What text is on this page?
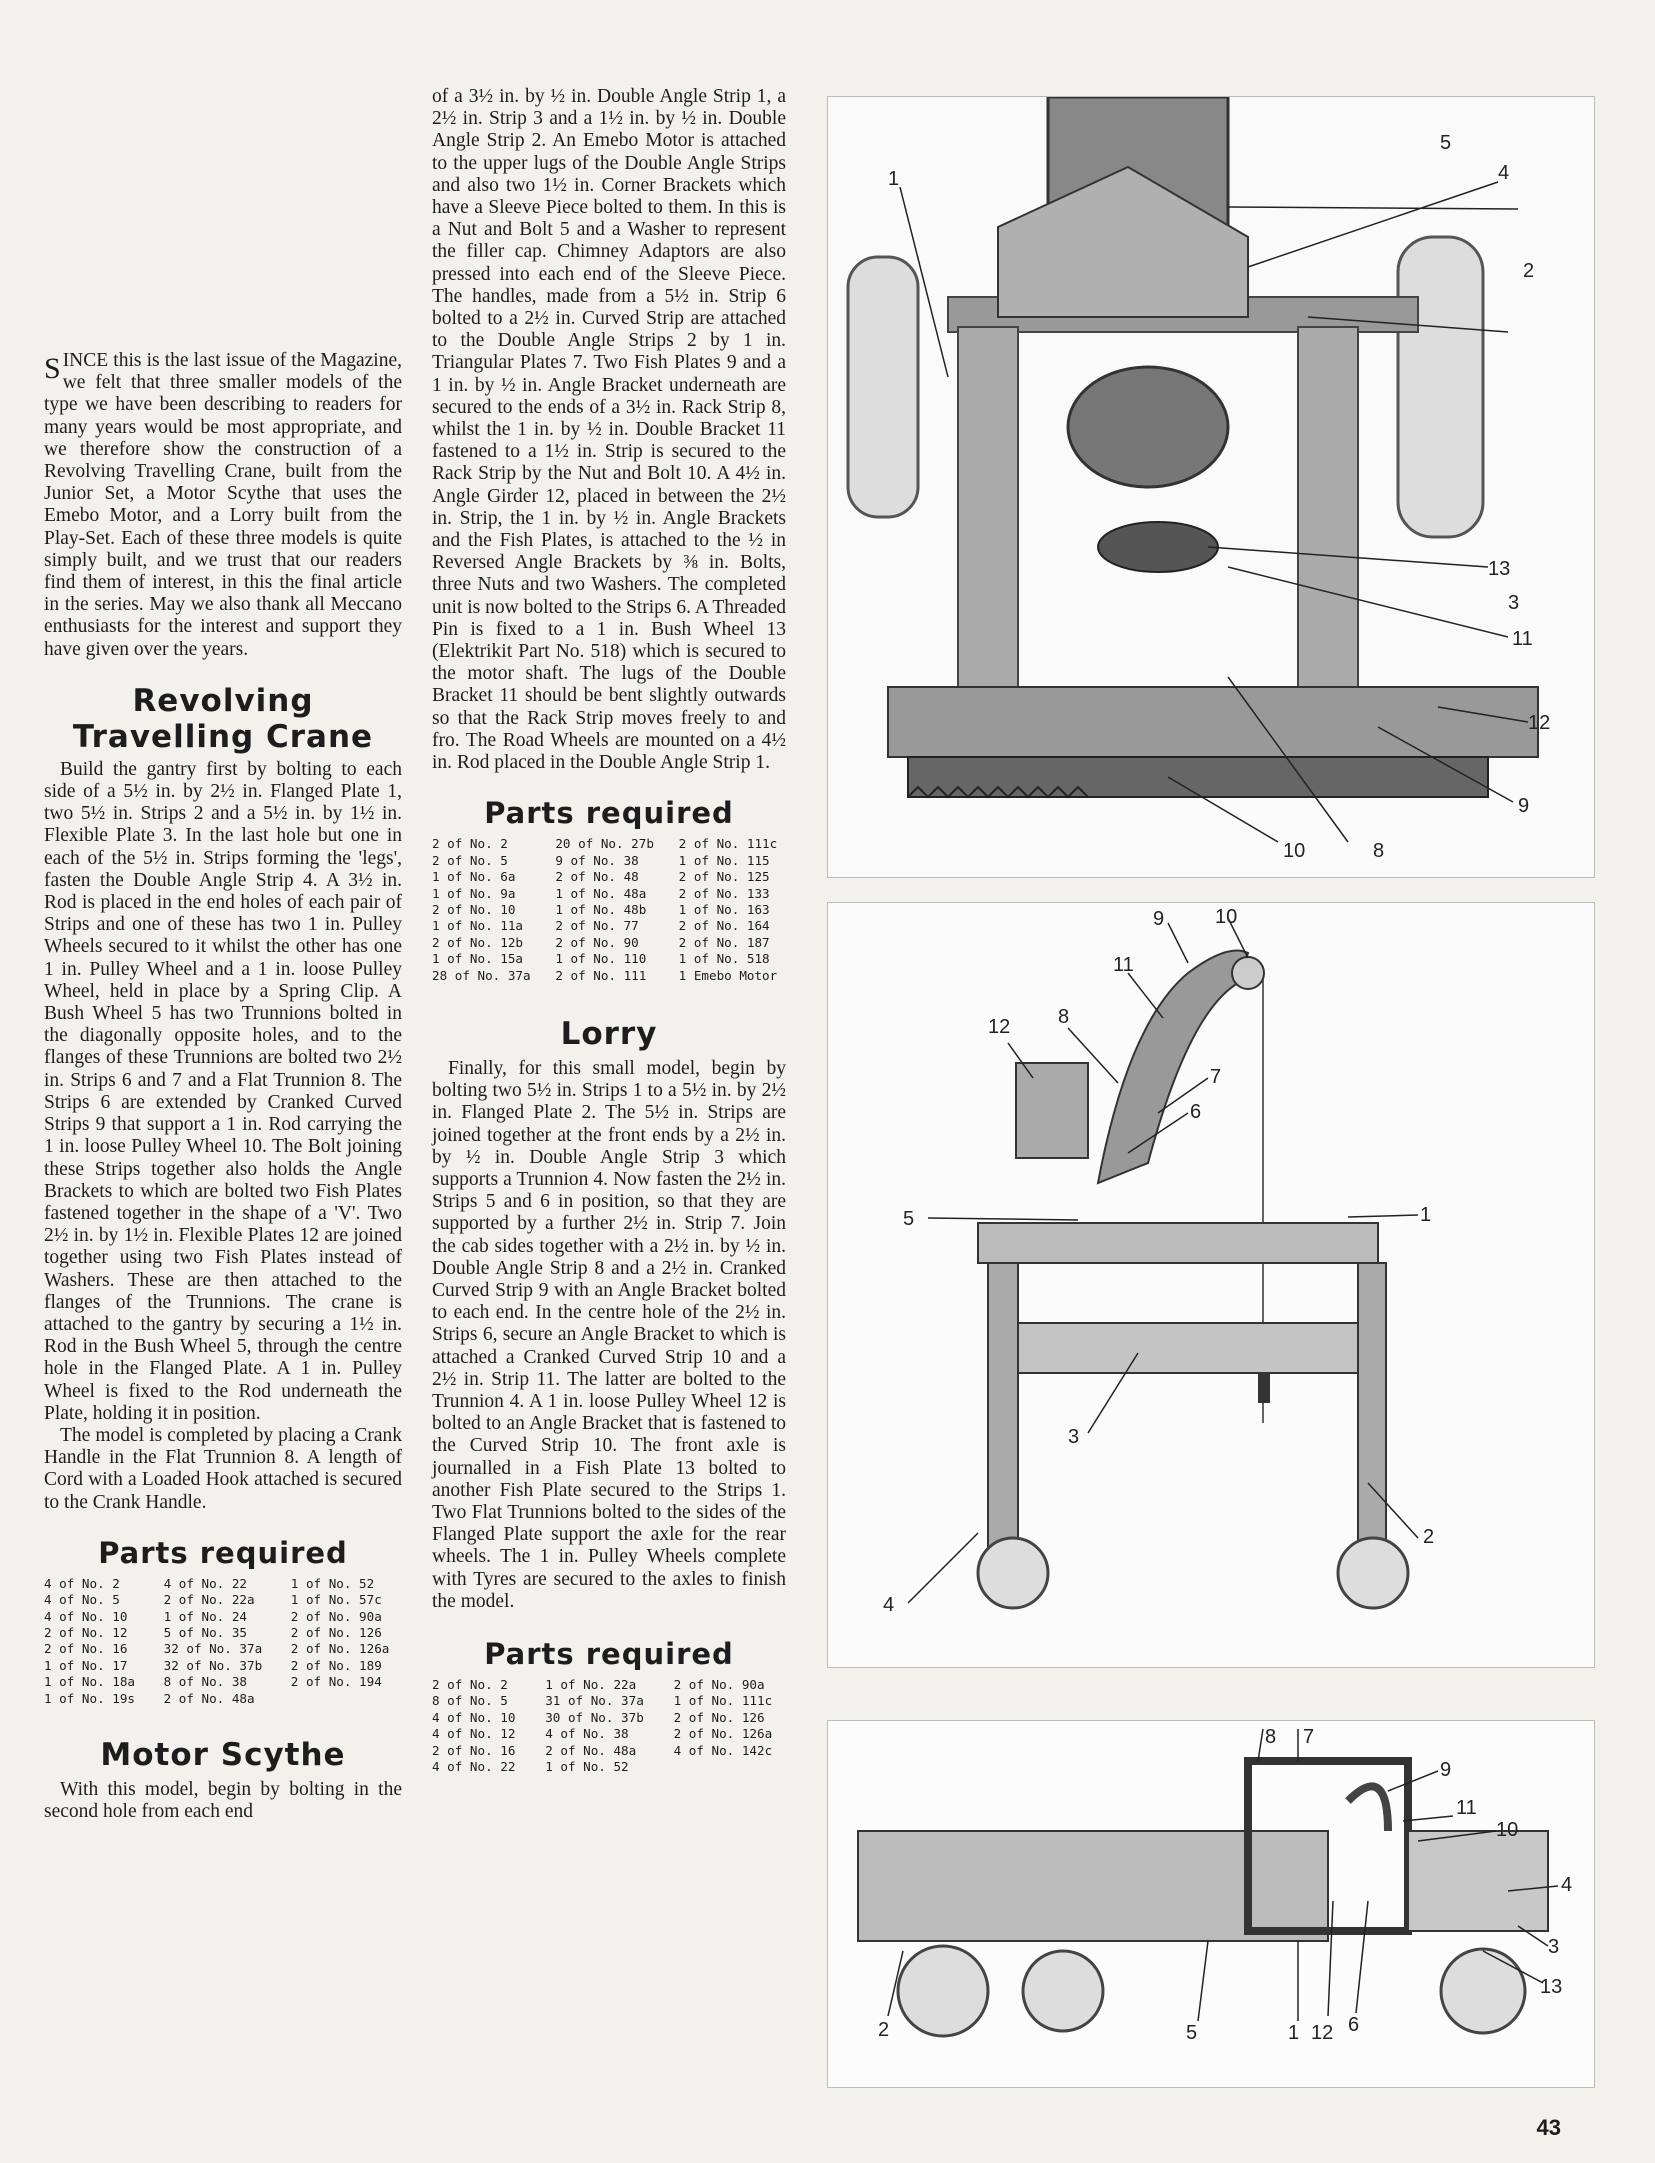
SINCE this is the last issue of the Magazine, we felt that three smaller models of the type we have been describing to readers for many years would be most appropriate, and we therefore show the construction of a Revolving Travelling Crane, built from the Junior Set, a Motor Scythe that uses the Emebo Motor, and a Lorry built from the Play-Set. Each of these three models is quite simply built, and we trust that our readers find them of interest, in this the final article in the series. May we also thank all Meccano enthusiasts for the interest and support they have given over the years.

Revolving Travelling Crane

Build the gantry first by bolting to each side of a 5½ in. by 2½ in. Flanged Plate 1, two 5½ in. Strips 2 and a 5½ in. by 1½ in. Flexible Plate 3. In the last hole but one in each of the 5½ in. Strips forming the 'legs', fasten the Double Angle Strip 4. A 3½ in. Rod is placed in the end holes of each pair of Strips and one of these has two 1 in. Pulley Wheels secured to it whilst the other has one 1 in. Pulley Wheel and a 1 in. loose Pulley Wheel, held in place by a Spring Clip. A Bush Wheel 5 has two Trunnions bolted in the diagonally opposite holes, and to the flanges of these Trunnions are bolted two 2½ in. Strips 6 and 7 and a Flat Trunnion 8. The Strips 6 are extended by Cranked Curved Strips 9 that support a 1 in. Rod carrying the 1 in. loose Pulley Wheel 10. The Bolt joining these Strips together also holds the Angle Brackets to which are bolted two Fish Plates fastened together in the shape of a 'V'. Two 2½ in. by 1½ in. Flexible Plates 12 are joined together using two Fish Plates instead of Washers. These are then attached to the flanges of the Trunnions. The crane is attached to the gantry by securing a 1½ in. Rod in the Bush Wheel 5, through the centre hole in the Flanged Plate. A 1 in. Pulley Wheel is fixed to the Rod underneath the Plate, holding it in position.

The model is completed by placing a Crank Handle in the Flat Trunnion 8. A length of Cord with a Loaded Hook attached is secured to the Crank Handle.

Parts required
4 of No. 2	4 of No. 22	1 of No. 52
4 of No. 5	2 of No. 22a	1 of No. 57c
4 of No. 10	1 of No. 24	2 of No. 90a
2 of No. 12	5 of No. 35	2 of No. 126
2 of No. 16	32 of No. 37a	2 of No. 126a
1 of No. 17	32 of No. 37b	2 of No. 189
1 of No. 18a	8 of No. 38	2 of No. 194
1 of No. 19s	2 of No. 48a
Motor Scythe

With this model, begin by bolting in the second hole from each end

of a 3½ in. by ½ in. Double Angle Strip 1, a 2½ in. Strip 3 and a 1½ in. by ½ in. Double Angle Strip 2. An Emebo Motor is attached to the upper lugs of the Double Angle Strips and also two 1½ in. Corner Brackets which have a Sleeve Piece bolted to them. In this is a Nut and Bolt 5 and a Washer to represent the filler cap. Chimney Adaptors are also pressed into each end of the Sleeve Piece. The handles, made from a 5½ in. Strip 6 bolted to a 2½ in. Curved Strip are attached to the Double Angle Strips 2 by 1 in. Triangular Plates 7. Two Fish Plates 9 and a 1 in. by ½ in. Angle Bracket underneath are secured to the ends of a 3½ in. Rack Strip 8, whilst the 1 in. by ½ in. Double Bracket 11 fastened to a 1½ in. Strip is secured to the Rack Strip by the Nut and Bolt 10. A 4½ in. Angle Girder 12, placed in between the 2½ in. Strip, the 1 in. by ½ in. Angle Brackets and the Fish Plates, is attached to the ½ in Reversed Angle Brackets by ⅜ in. Bolts, three Nuts and two Washers. The completed unit is now bolted to the Strips 6. A Threaded Pin is fixed to a 1 in. Bush Wheel 13 (Elektrikit Part No. 518) which is secured to the motor shaft. The lugs of the Double Bracket 11 should be bent slightly outwards so that the Rack Strip moves freely to and fro. The Road Wheels are mounted on a 4½ in. Rod placed in the Double Angle Strip 1.

Parts required
2 of No. 2	20 of No. 27b	2 of No. 111c
2 of No. 5	9 of No. 38	1 of No. 115
1 of No. 6a	2 of No. 48	2 of No. 125
1 of No. 9a	1 of No. 48a	2 of No. 133
2 of No. 10	1 of No. 48b	1 of No. 163
1 of No. 11a	2 of No. 77	2 of No. 164
2 of No. 12b	2 of No. 90	2 of No. 187
1 of No. 15a	1 of No. 110	1 of No. 518
28 of No. 37a	2 of No. 111	1 Emebo Motor
Lorry

Finally, for this small model, begin by bolting two 5½ in. Strips 1 to a 5½ in. by 2½ in. Flanged Plate 2. The 5½ in. Strips are joined together at the front ends by a 2½ in. by ½ in. Double Angle Strip 3 which supports a Trunnion 4. Now fasten the 2½ in. Strips 5 and 6 in position, so that they are supported by a further 2½ in. Strip 7. Join the cab sides together with a 2½ in. by ½ in. Double Angle Strip 8 and a 2½ in. Cranked Curved Strip 9 with an Angle Bracket bolted to each end. In the centre hole of the 2½ in. Strips 6, secure an Angle Bracket to which is attached a Cranked Curved Strip 10 and a 2½ in. Strip 11. The latter are bolted to the Trunnion 4. A 1 in. loose Pulley Wheel 12 is bolted to an Angle Bracket that is fastened to the Curved Strip 10. The front axle is journalled in a Fish Plate 13 bolted to another Fish Plate secured to the Strips 1. Two Flat Trunnions bolted to the sides of the Flanged Plate support the axle for the rear wheels. The 1 in. Pulley Wheels complete with Tyres are secured to the axles to finish the model.

Parts required
2 of No. 2	1 of No. 22a	2 of No. 90a
8 of No. 5	31 of No. 37a	1 of No. 111c
4 of No. 10	30 of No. 37b	2 of No. 126
4 of No. 12	4 of No. 38	2 of No. 126a
2 of No. 16	2 of No. 48a	4 of No. 142c
4 of No. 22	1 of No. 52
1
2
3
4
5
8
9
10
11
12
13
1
2
3
4
5
6
7
8
9	10
11
12
1
2
3
4
5	6
7
8
9
10
11
12
13
43
